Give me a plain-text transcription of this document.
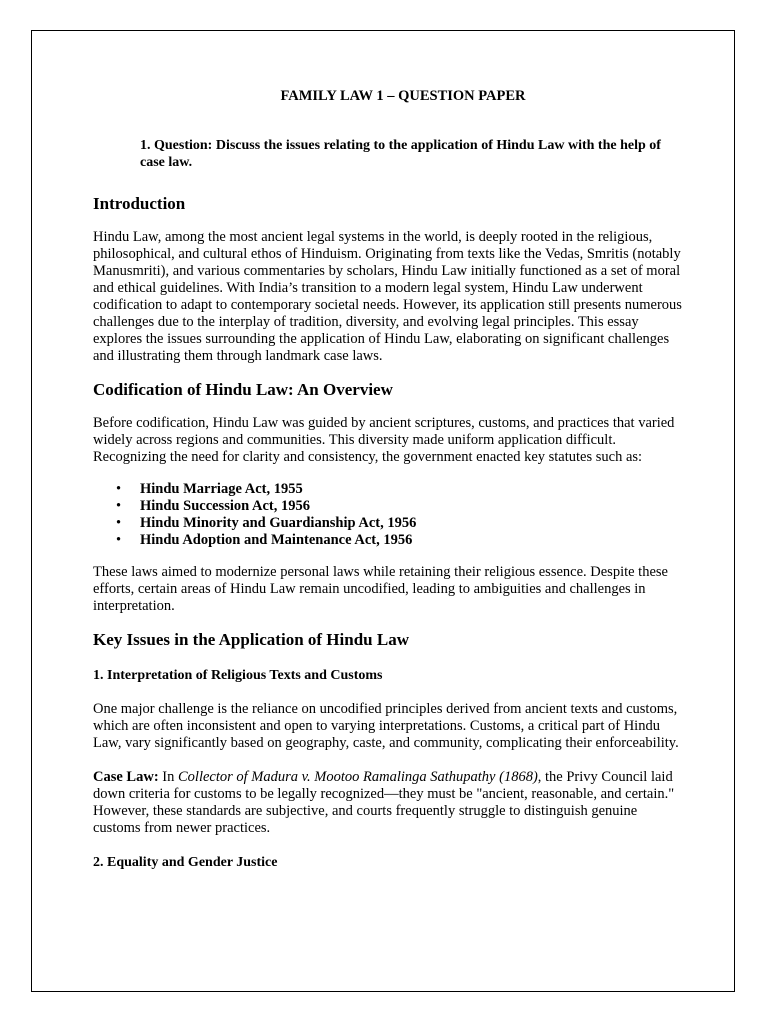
FAMILY LAW 1 – QUESTION PAPER
1. Question: Discuss the issues relating to the application of Hindu Law with the help of case law.
Introduction

Hindu Law, among the most ancient legal systems in the world, is deeply rooted in the religious, philosophical, and cultural ethos of Hinduism. Originating from texts like the Vedas, Smritis (notably Manusmriti), and various commentaries by scholars, Hindu Law initially functioned as a set of moral and ethical guidelines. With India’s transition to a modern legal system, Hindu Law underwent codification to adapt to contemporary societal needs. However, its application still presents numerous challenges due to the interplay of tradition, diversity, and evolving legal principles. This essay explores the issues surrounding the application of Hindu Law, elaborating on significant challenges and illustrating them through landmark case laws.

Codification of Hindu Law: An Overview

Before codification, Hindu Law was guided by ancient scriptures, customs, and practices that varied widely across regions and communities. This diversity made uniform application difficult. Recognizing the need for clarity and consistency, the government enacted key statutes such as:

• Hindu Marriage Act, 1955
• Hindu Succession Act, 1956
• Hindu Minority and Guardianship Act, 1956
• Hindu Adoption and Maintenance Act, 1956

These laws aimed to modernize personal laws while retaining their religious essence. Despite these efforts, certain areas of Hindu Law remain uncodified, leading to ambiguities and challenges in interpretation.

Key Issues in the Application of Hindu Law
1. Interpretation of Religious Texts and Customs

One major challenge is the reliance on uncodified principles derived from ancient texts and customs, which are often inconsistent and open to varying interpretations. Customs, a critical part of Hindu Law, vary significantly based on geography, caste, and community, complicating their enforceability.

Case Law: In Collector of Madura v. Mootoo Ramalinga Sathupathy (1868), the Privy Council laid down criteria for customs to be legally recognized—they must be "ancient, reasonable, and certain." However, these standards are subjective, and courts frequently struggle to distinguish genuine customs from newer practices.

2. Equality and Gender Justice
